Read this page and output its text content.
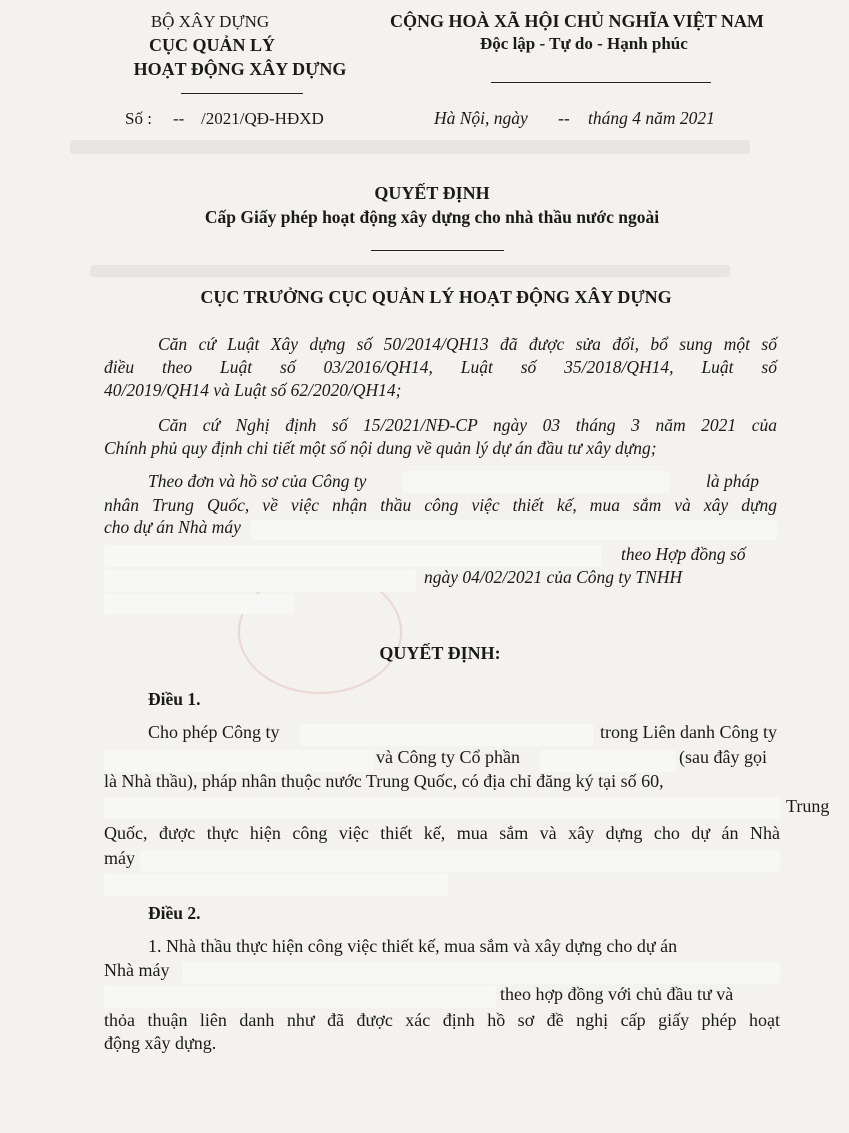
BỘ XÂY DỰNG
CỤC QUẢN LÝ
HOẠT ĐỘNG XÂY DỰNG
CỘNG HOÀ XÃ HỘI CHỦ NGHĨA VIỆT NAM
Độc lập - Tự do - Hạnh phúc
Số : -- /2021/QĐ-HĐXD	Hà Nội, ngày -- tháng 4 năm 2021
QUYẾT ĐỊNH
Cấp Giấy phép hoạt động xây dựng cho nhà thầu nước ngoài
CỤC TRƯỞNG CỤC QUẢN LÝ HOẠT ĐỘNG XÂY DỰNG
Căn cứ Luật Xây dựng số 50/2014/QH13 đã được sửa đổi, bổ sung một số
điều theo Luật số 03/2016/QH14, Luật số 35/2018/QH14, Luật số
40/2019/QH14 và Luật số 62/2020/QH14;
Căn cứ Nghị định số 15/2021/NĐ-CP ngày 03 tháng 3 năm 2021 của
Chính phủ quy định chi tiết một số nội dung về quản lý dự án đầu tư xây dựng;
Theo đơn và hồ sơ của Công ty	là pháp
nhân Trung Quốc, về việc nhận thầu công việc thiết kế, mua sắm và xây dựng
cho dự án Nhà máy
theo Hợp đồng số
ngày 04/02/2021 của Công ty TNHH
QUYẾT ĐỊNH:
Điều 1.
Cho phép Công ty	trong Liên danh Công ty
và Công ty Cổ phần	(sau đây gọi
là Nhà thầu), pháp nhân thuộc nước Trung Quốc, có địa chỉ đăng ký tại số 60,
Trung
Quốc, được thực hiện công việc thiết kế, mua sắm và xây dựng cho dự án Nhà
máy
Điều 2.
1. Nhà thầu thực hiện công việc thiết kế, mua sắm và xây dựng cho dự án
Nhà máy
theo hợp đồng với chủ đầu tư và
thỏa thuận liên danh như đã được xác định hồ sơ đề nghị cấp giấy phép hoạt
động xây dựng.
